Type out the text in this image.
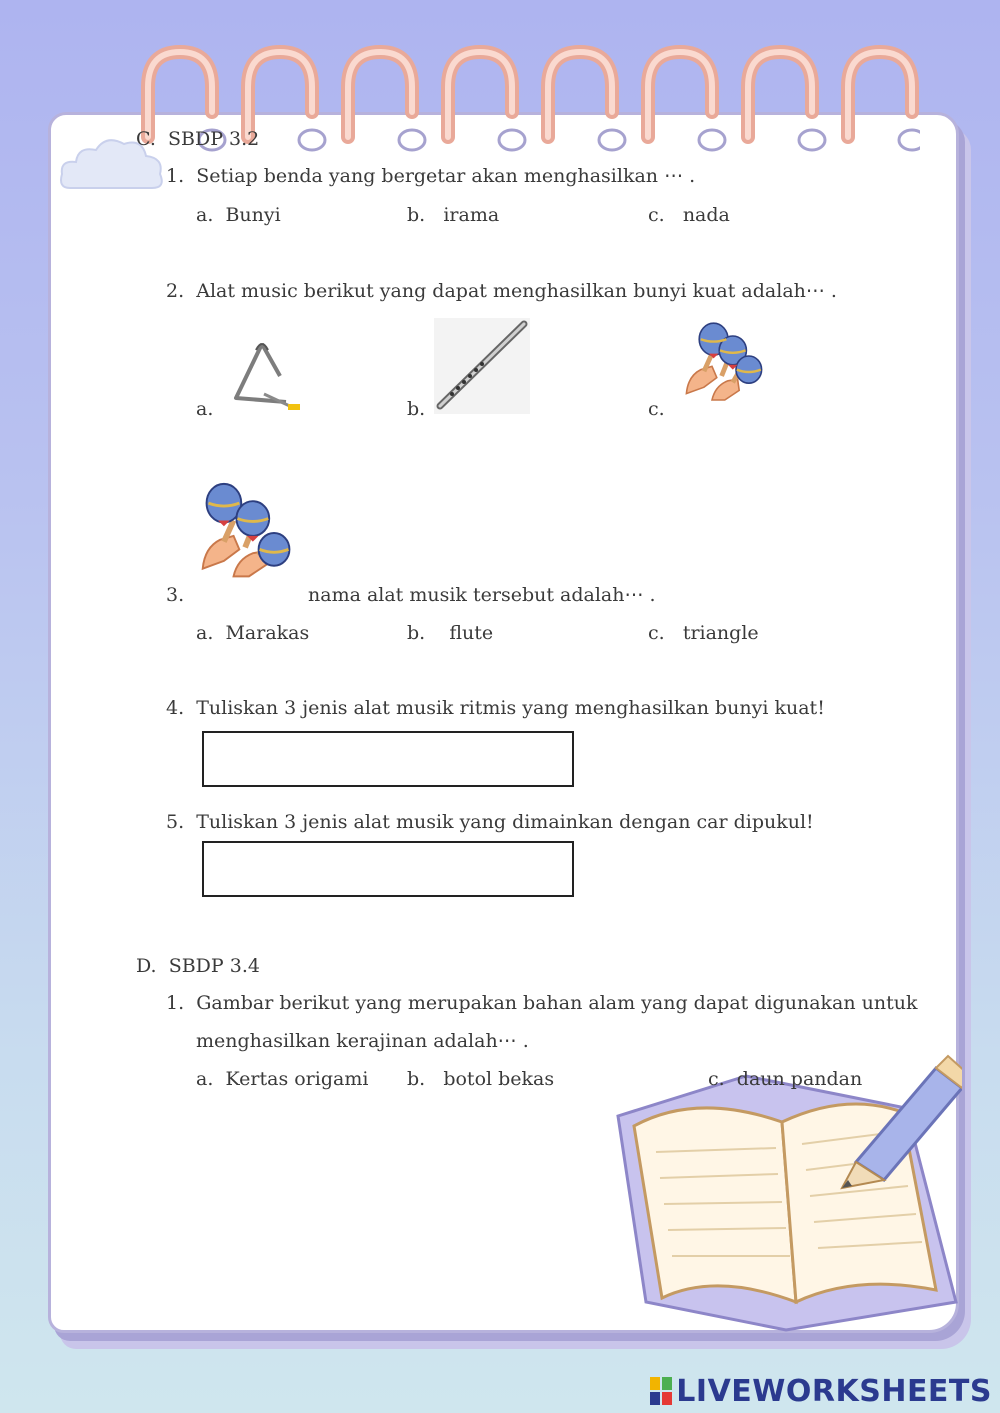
C. SBDP 3.2
1. Setiap benda yang bergetar akan menghasilkan ⋯ .
a. Bunyi	b. irama	c. nada
2. Alat music berikut yang dapat menghasilkan bunyi kuat adalah⋯ .
a.	b.	c.
3.	nama alat musik tersebut adalah⋯ .
a. Marakas	b. flute	c. triangle
4. Tuliskan 3 jenis alat musik ritmis yang menghasilkan bunyi kuat!
5. Tuliskan 3 jenis alat musik yang dimainkan dengan car dipukul!
D. SBDP 3.4
1. Gambar berikut yang merupakan bahan alam yang dapat digunakan untuk
menghasilkan kerajinan adalah⋯ .
a. Kertas origami b. botol bekas	c. daun pandan
LIVEWORKSHEETS
